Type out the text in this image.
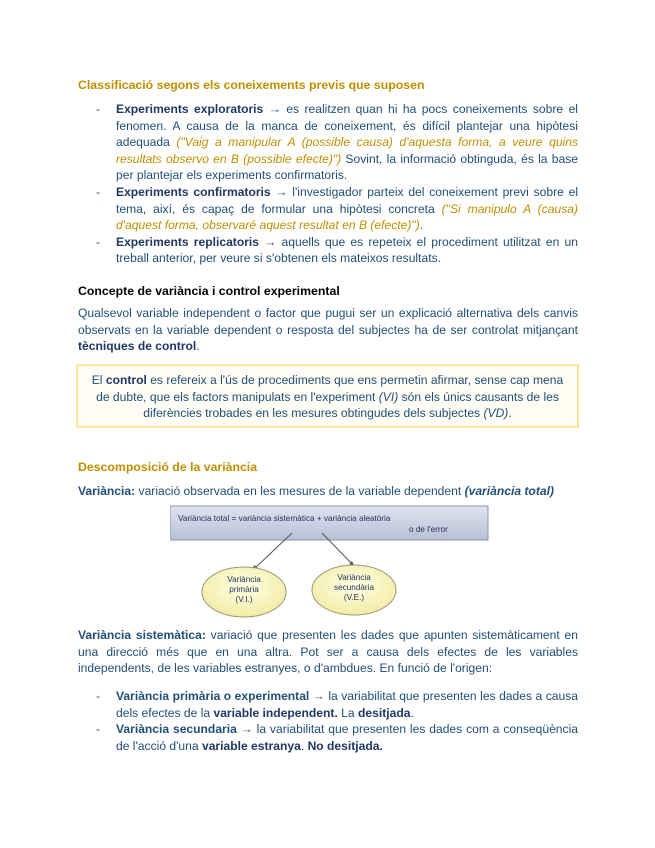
Classificació segons els coneixements previs que suposen
- Experiments exploratoris → es realitzen quan hi ha pocs coneixements sobre el fenomen. A causa de la manca de coneixement, és difícil plantejar una hipòtesi adequada ("Vaig a manipular A (possible causa) d'aquesta forma, a veure quins resultats observo en B (possible efecte)") Sovint, la informació obtinguda, és la base per plantejar els experiments confirmatoris.
- Experiments confirmatoris → l'investigador parteix del coneixement previ sobre el tema, així, és capaç de formular una hipòtesi concreta ("Si manipulo A (causa) d'aquest forma, observaré aquest resultat en B (efecte)").
- Experiments replicatoris → aquells que es repeteix el procediment utilitzat en un treball anterior, per veure si s'obtenen els mateixos resultats.
Concepte de variància i control experimental
Qualsevol variable independent o factor que pugui ser un explicació alternativa dels canvis observats en la variable dependent o resposta del subjectes ha de ser controlat mitjançant tècniques de control.
El control es refereix a l'ús de procediments que ens permetin afirmar, sense cap mena de dubte, que els factors manipulats en l'experiment (VI) són els únics causants de les diferències trobades en les mesures obtingudes dels subjectes (VD).
Descomposició de la variància
Variància: variació observada en les mesures de la variable dependent (variància total)
Variància total = variància sistemàtica + variància aleatòria
o de l'error
Variància
primària
(V.I.)
Variància
secundària
(V.E.)
Variància sistemàtica: variació que presenten les dades que apunten sistemàticament en una direcció més que en una altra. Pot ser a causa dels efectes de les variables independents, de les variables estranyes, o d'ambdues. En funció de l'origen:
- Variància primària o experimental → la variabilitat que presenten les dades a causa dels efectes de la variable independent. La desitjada.
- Variància secundaria → la variabilitat que presenten les dades com a conseqüència de l'acció d'una variable estranya. No desitjada.
